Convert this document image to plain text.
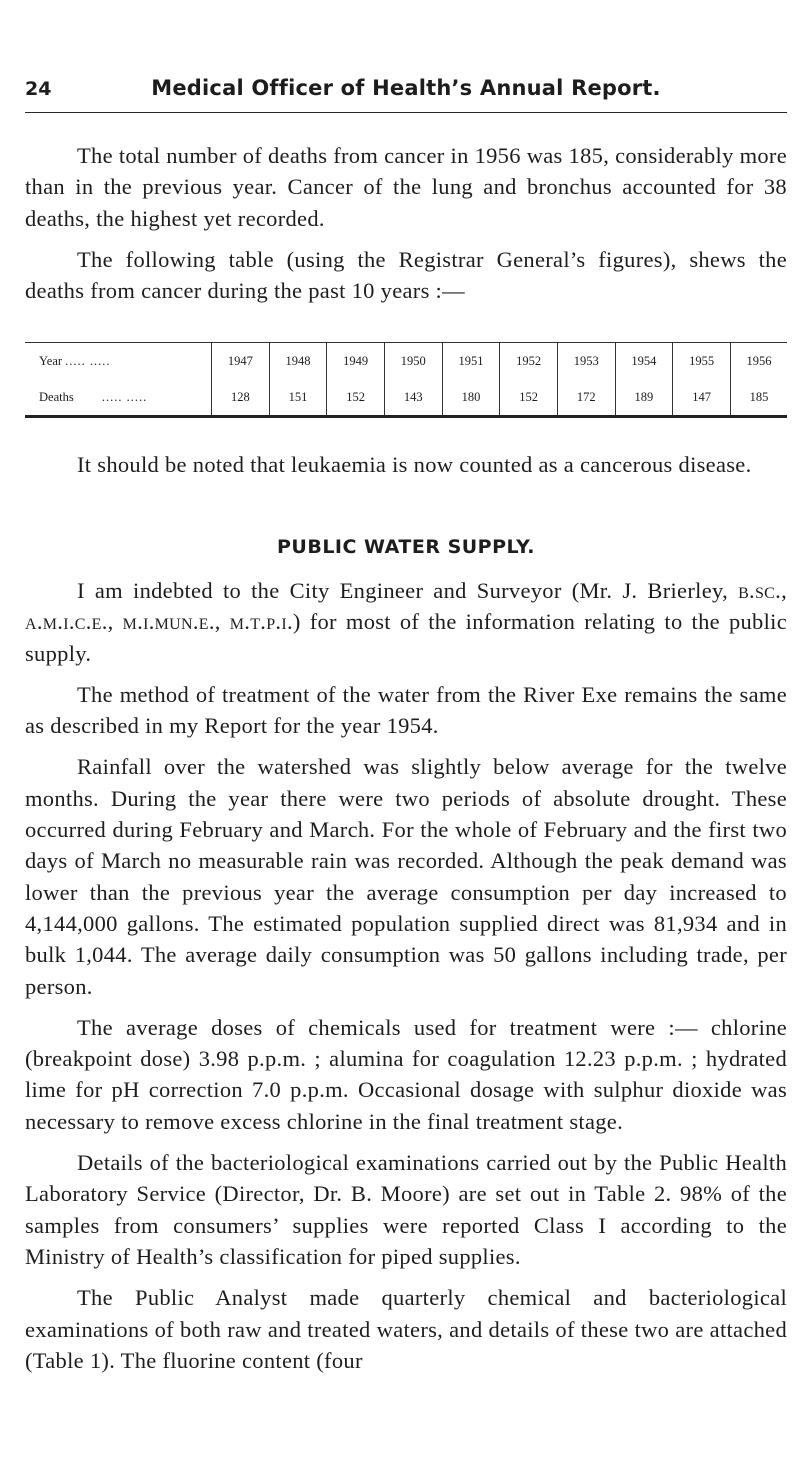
24	Medical Officer of Health’s Annual Report.

The total number of deaths from cancer in 1956 was 185, considerably more than in the previous year. Cancer of the lung and bronchus accounted for 38 deaths, the highest yet recorded.

The following table (using the Registrar General’s figures), shews the deaths from cancer during the past 10 years :—

Year ..... .....	1947	1948	1949	1950	1951	1952	1953	1954	1955	1956
Deaths ..... .....	128	151	152	143	180	152	172	189	147	185

It should be noted that leukaemia is now counted as a cancerous disease.

PUBLIC WATER SUPPLY.

I am indebted to the City Engineer and Surveyor (Mr. J. Brierley, b.sc., a.m.i.c.e., m.i.mun.e., m.t.p.i.) for most of the information relating to the public supply.

The method of treatment of the water from the River Exe remains the same as described in my Report for the year 1954.

Rainfall over the watershed was slightly below average for the twelve months. During the year there were two periods of absolute drought. These occurred during February and March. For the whole of February and the first two days of March no measurable rain was recorded. Although the peak demand was lower than the previous year the average consumption per day increased to 4,144,000 gallons. The estimated population supplied direct was 81,934 and in bulk 1,044. The average daily consumption was 50 gallons including trade, per person.

The average doses of chemicals used for treatment were :— chlorine (breakpoint dose) 3.98 p.p.m. ; alumina for coagulation 12.23 p.p.m. ; hydrated lime for pH correction 7.0 p.p.m. Occasional dosage with sulphur dioxide was necessary to remove excess chlorine in the final treatment stage.

Details of the bacteriological examinations carried out by the Public Health Laboratory Service (Director, Dr. B. Moore) are set out in Table 2. 98% of the samples from consumers’ supplies were reported Class I according to the Ministry of Health’s classification for piped supplies.

The Public Analyst made quarterly chemical and bacteriological examinations of both raw and treated waters, and details of these two are attached (Table 1). The fluorine content (four
